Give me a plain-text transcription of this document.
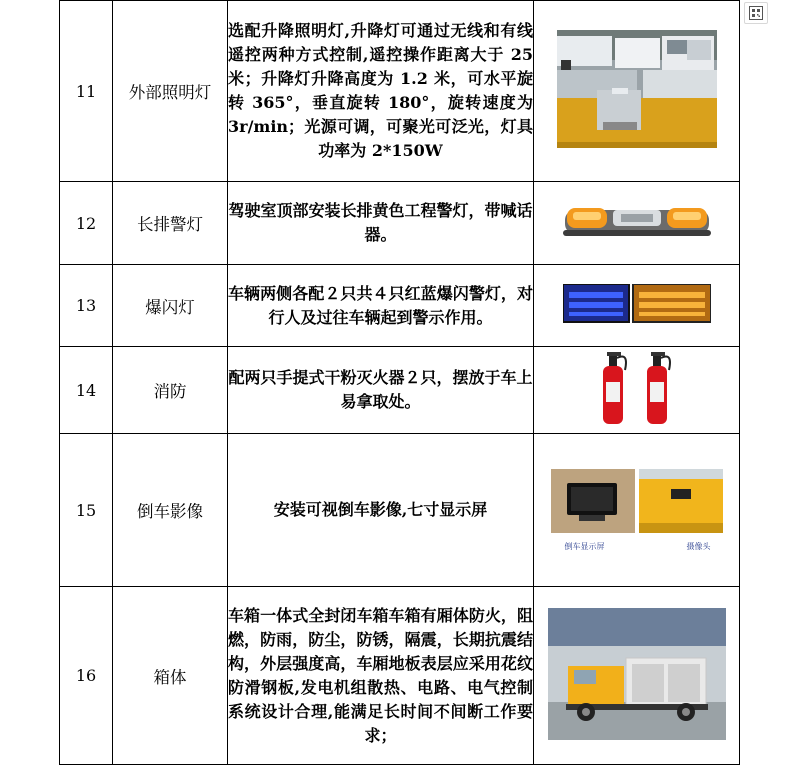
11	外部照明灯	选配升降照明灯,升降灯可通过无线和有线遥控两种方式控制,遥控操作距离大于 25 米；升降灯升降高度为 1.2 米，可水平旋转 365°，垂直旋转 180°，旋转速度为 3r/min；光源可调，可聚光可泛光，灯具功率为 2*150W	
12	长排警灯	驾驶室顶部安装长排黄色工程警灯，带喊话器。	
13	爆闪灯	车辆两侧各配２只共４只红蓝爆闪警灯，对行人及过往车辆起到警示作用。	
14	消防	配两只手提式干粉灭火器２只，摆放于车上易拿取处。	
15	倒车影像	安装可视倒车影像,七寸显示屏	倒车显示屏 摄像头

16	箱体	车箱一体式全封闭车箱车箱有厢体防火，阻燃，防雨，防尘，防锈，隔震，长期抗震结构，外层强度高，车厢地板表层应采用花纹防滑钢板,发电机组散热、电路、电气控制系统设计合理,能满足长时间不间断工作要求；	
